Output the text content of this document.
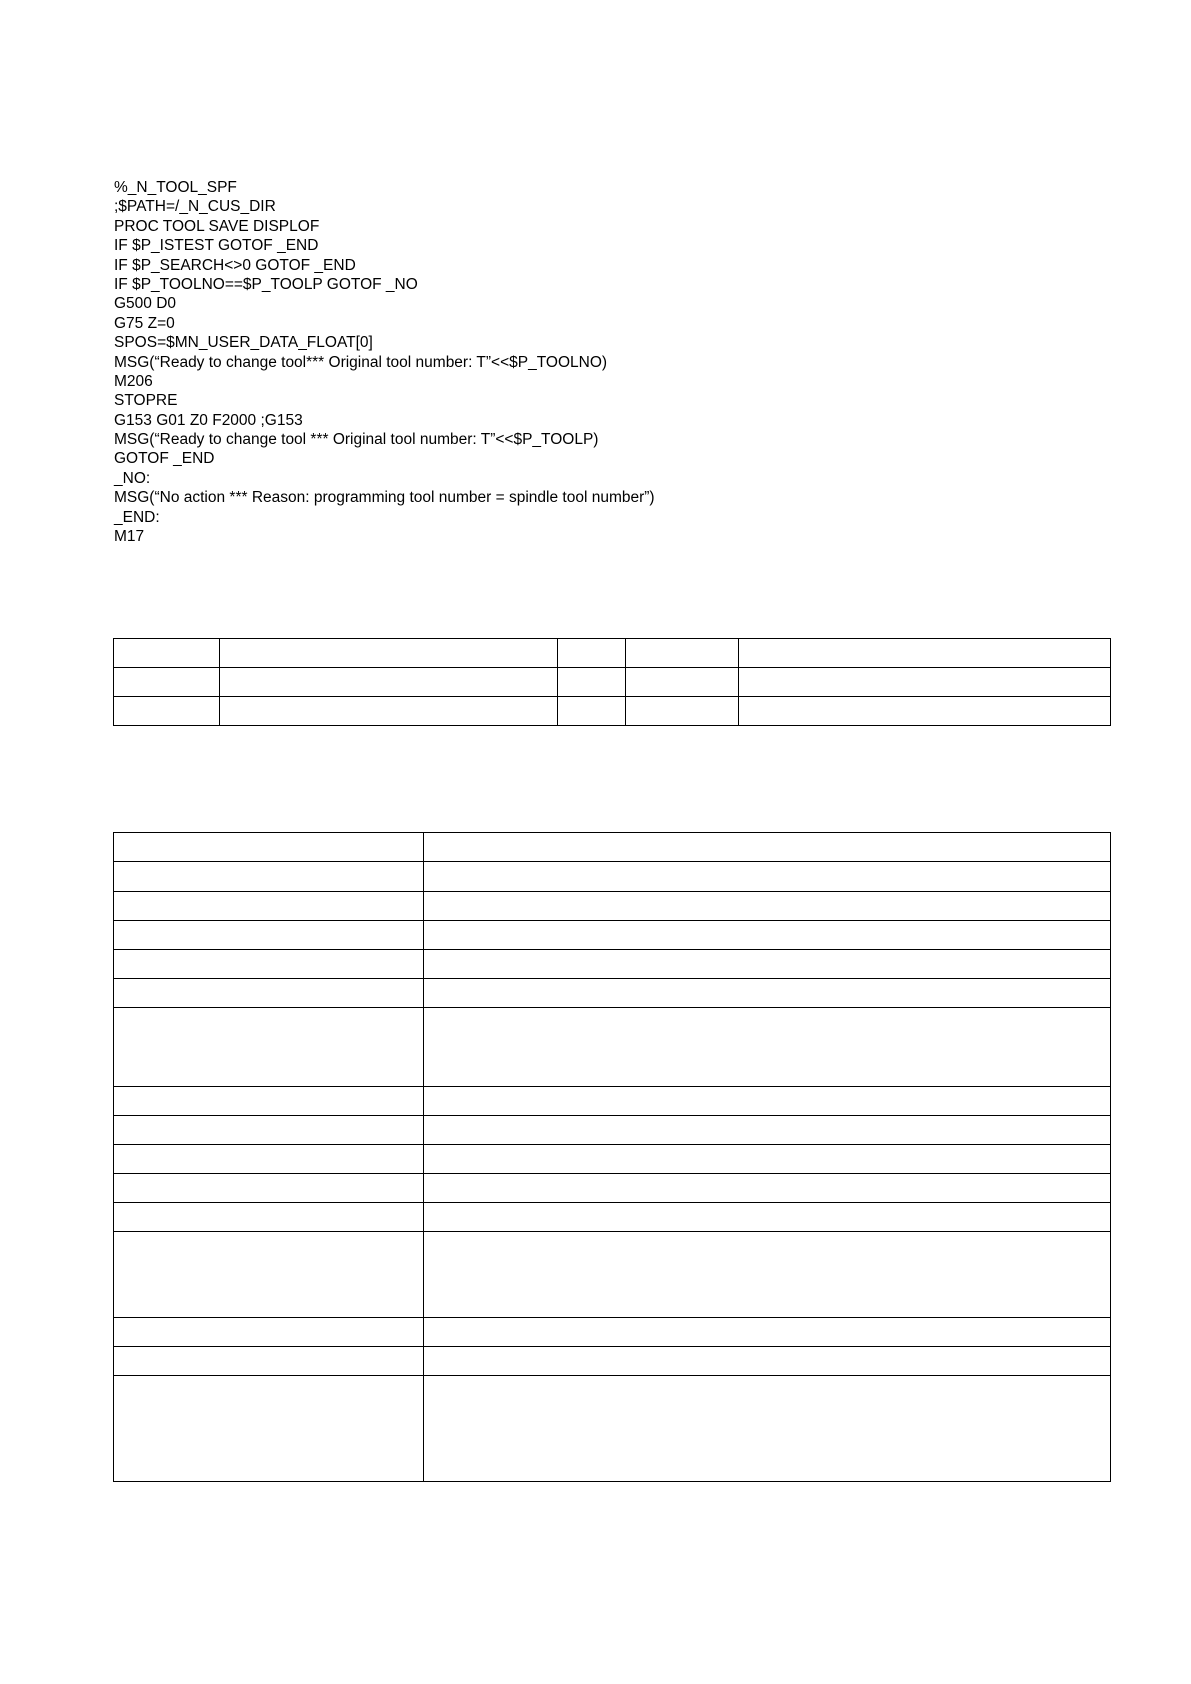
%_N_TOOL_SPF
;$PATH=/_N_CUS_DIR
PROC TOOL SAVE DISPLOF
IF $P_ISTEST GOTOF _END
IF $P_SEARCH<>0 GOTOF _END
IF $P_TOOLNO==$P_TOOLP GOTOF _NO
G500 D0
G75 Z=0
SPOS=$MN_USER_DATA_FLOAT[0]
MSG(“Ready to change tool*** Original tool number: T”<<$P_TOOLNO)
M206
STOPRE
G153 G01 Z0 F2000 ;G153
MSG(“Ready to change tool *** Original tool number: T”<<$P_TOOLP)
GOTOF _END
_NO:
MSG(“No action *** Reason: programming tool number = spindle tool number”)
_END:
M17
